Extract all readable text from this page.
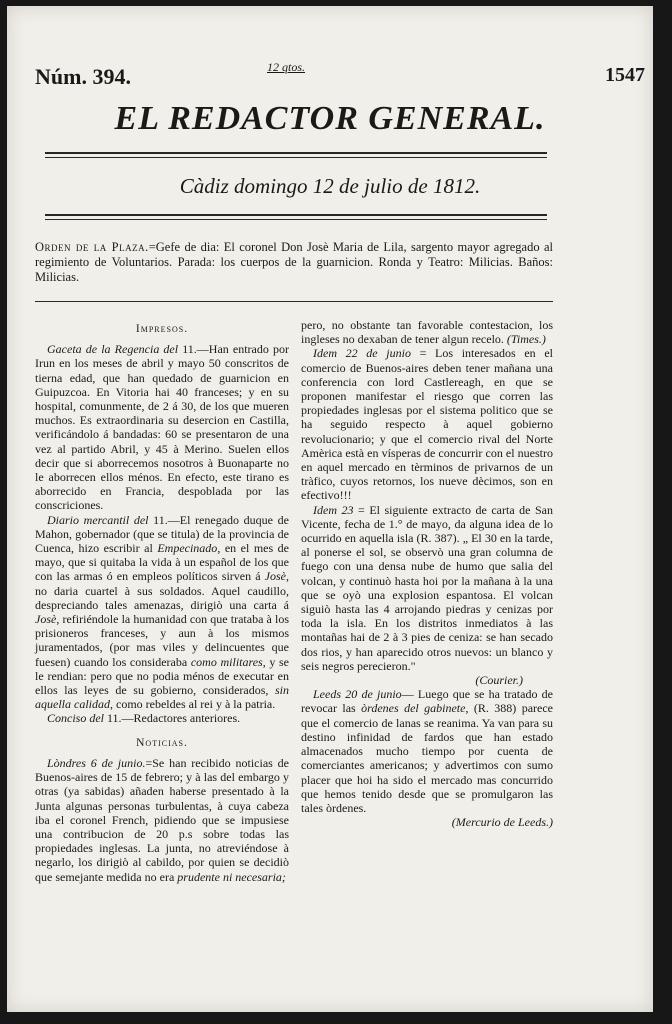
Núm. 394.	12 qtos.	1547
EL REDACTOR GENERAL.
Càdiz domingo 12 de julio de 1812.
Orden de la Plaza.=Gefe de dia: El coronel Don Josè Maria de Lila, sargento mayor agregado al regimiento de Voluntarios. Parada: los cuerpos de la guarnicion. Ronda y Teatro: Milicias. Baños: Milicias.

Impresos.

Gaceta de la Regencia del 11.—Han entrado por Irun en los meses de abril y mayo 50 conscritos de tierna edad, que han quedado de guarnicion en Guipuzcoa. En Vitoria hai 40 franceses; y en su hospital, comunmente, de 2 á 30, de los que mueren muchos. Es extraordinaria su desercion en Castilla, verificándolo á bandadas: 60 se presentaron de una vez al partido Abril, y 45 à Merino. Suelen ellos decir que si aborrecemos nosotros à Buonaparte no le aborrecen ellos ménos. En efecto, este tirano es aborrecido en Francia, despoblada por las conscriciones.

Diario mercantil del 11.—El renegado duque de Mahon, gobernador (que se titula) de la provincia de Cuenca, hizo escribir al Empecinado, en el mes de mayo, que si quitaba la vida à un español de los que con las armas ó en empleos políticos sirven á Josè, no daria cuartel à sus soldados. Aquel caudillo, despreciando tales amenazas, dirigiò una carta á Josè, refiriéndole la humanidad con que trataba à los prisioneros franceses, y aun à los mismos juramentados, (por mas viles y delincuentes que fuesen) cuando los consideraba como militares, y se le rendian: pero que no podia ménos de executar en ellos las leyes de su gobierno, considerados, sin aquella calidad, como rebeldes al rei y à la patria.

Conciso del 11.—Redactores anteriores.

Noticias.

Lòndres 6 de junio.=Se han recibido noticias de Buenos-aires de 15 de febrero; y à las del embargo y otras (ya sabidas) añaden haberse presentado à la Junta algunas personas turbulentas, à cuya cabeza iba el coronel French, pidiendo que se impusiese una contribucion de 20 p.s sobre todas las propiedades inglesas. La junta, no atreviéndose à negarlo, los dirigiò al cabildo, por quien se decidiò que semejante medida no era prudente ni necesaria;

pero, no obstante tan favorable contestacion, los ingleses no dexaban de tener algun recelo. (Times.)

Idem 22 de junio = Los interesados en el comercio de Buenos-aires deben tener mañana una conferencia con lord Castlereagh, en que se proponen manifestar el riesgo que corren las propiedades inglesas por el sistema politico que se ha seguido respecto à aquel gobierno revolucionario; y que el comercio rival del Norte Amèrica està en vísperas de concurrir con el nuestro en aquel mercado en tèrminos de privarnos de un tràfico, cuyos retornos, los nueve dècimos, son en efectivo!!!

Idem 23 = El siguiente extracto de carta de San Vicente, fecha de 1.° de mayo, da alguna idea de lo ocurrido en aquella isla (R. 387). „ El 30 en la tarde, al ponerse el sol, se observò una gran columna de fuego con una densa nube de humo que salia del volcan, y continuò hasta hoi por la mañana à la una que se oyò una explosion espantosa. El volcan siguiò hasta las 4 arrojando piedras y cenizas por toda la isla. En los distritos inmediatos à las montañas hai de 2 à 3 pies de ceniza: se han secado dos rios, y han aparecido otros nuevos: un blanco y seis negros perecieron."

(Courier.)

Leeds 20 de junio— Luego que se ha tratado de revocar las òrdenes del gabinete, (R. 388) parece que el comercio de lanas se reanima. Ya van para su destino infinidad de fardos que han estado almacenados mucho tiempo por cuenta de comerciantes americanos; y advertimos con sumo placer que hoi ha sido el mercado mas concurrido que hemos tenido desde que se promulgaron las tales òrdenes.

(Mercurio de Leeds.)
